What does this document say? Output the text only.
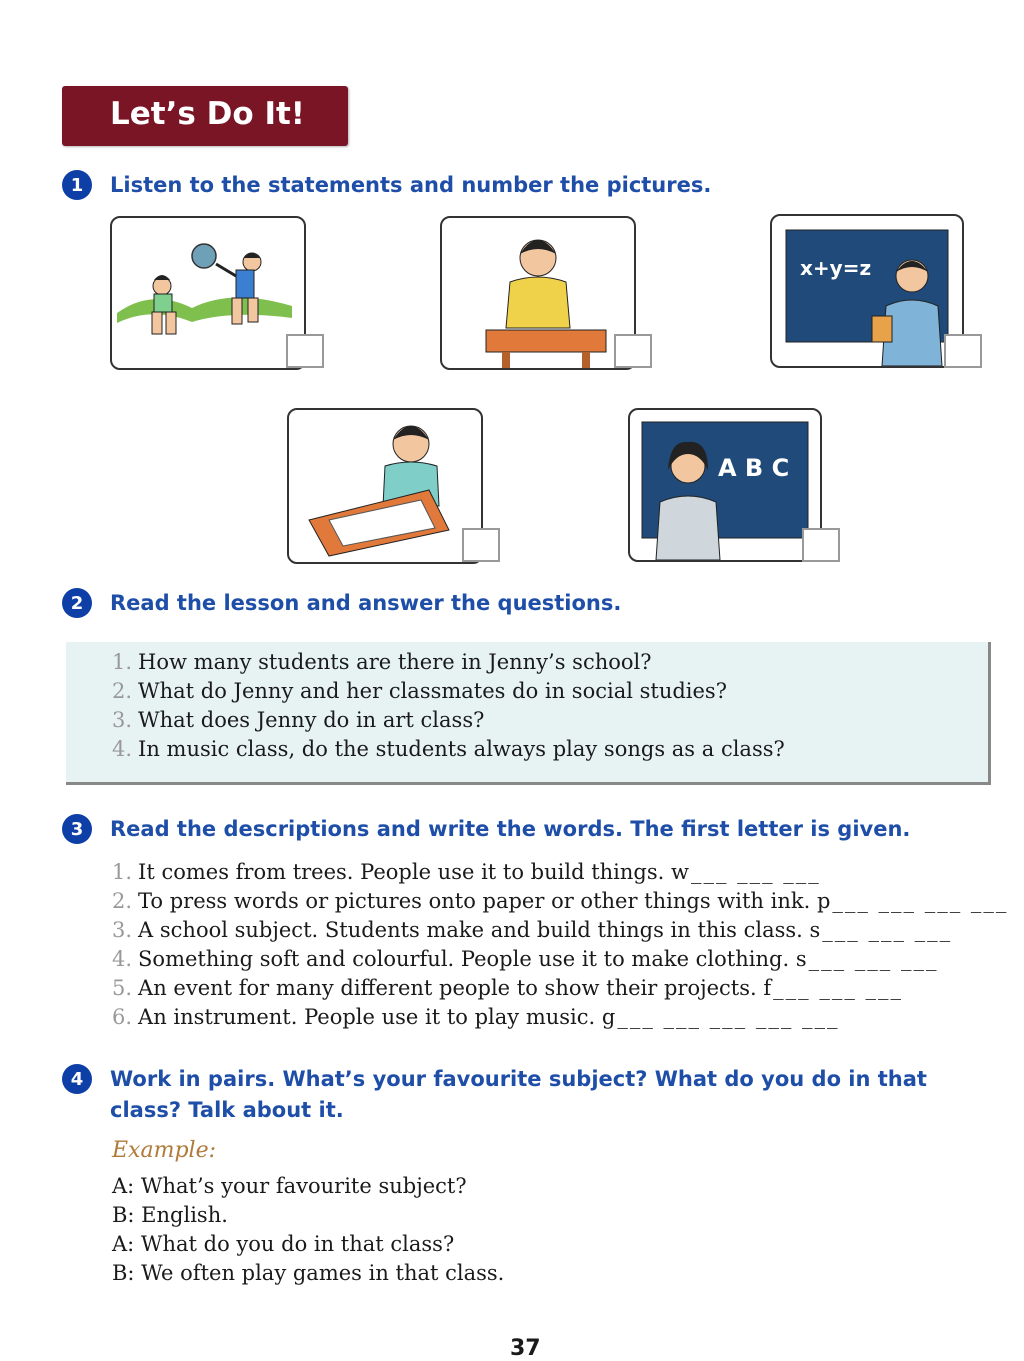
Let’s Do It!
1	Listen to the statements and number the pictures.
x+y=z
A B C
2	Read the lesson and answer the questions.
1. How many students are there in Jenny’s school?
2. What do Jenny and her classmates do in social studies?
3. What does Jenny do in art class?
4. In music class, do the students always play songs as a class?
3	Read the descriptions and write the words. The first letter is given.
1. It comes from trees. People use it to build things. w___ ___ ___
2. To press words or pictures onto paper or other things with ink. p___ ___ ___ ___
3. A school subject. Students make and build things in this class. s___ ___ ___
4. Something soft and colourful. People use it to make clothing. s___ ___ ___
5. An event for many different people to show their projects. f___ ___ ___
6. An instrument. People use it to play music. g___ ___ ___ ___ ___
4	Work in pairs. What’s your favourite subject? What do you do in that
class? Talk about it.
Example:
A: What’s your favourite subject?
B: English.
A: What do you do in that class?
B: We often play games in that class.
37
